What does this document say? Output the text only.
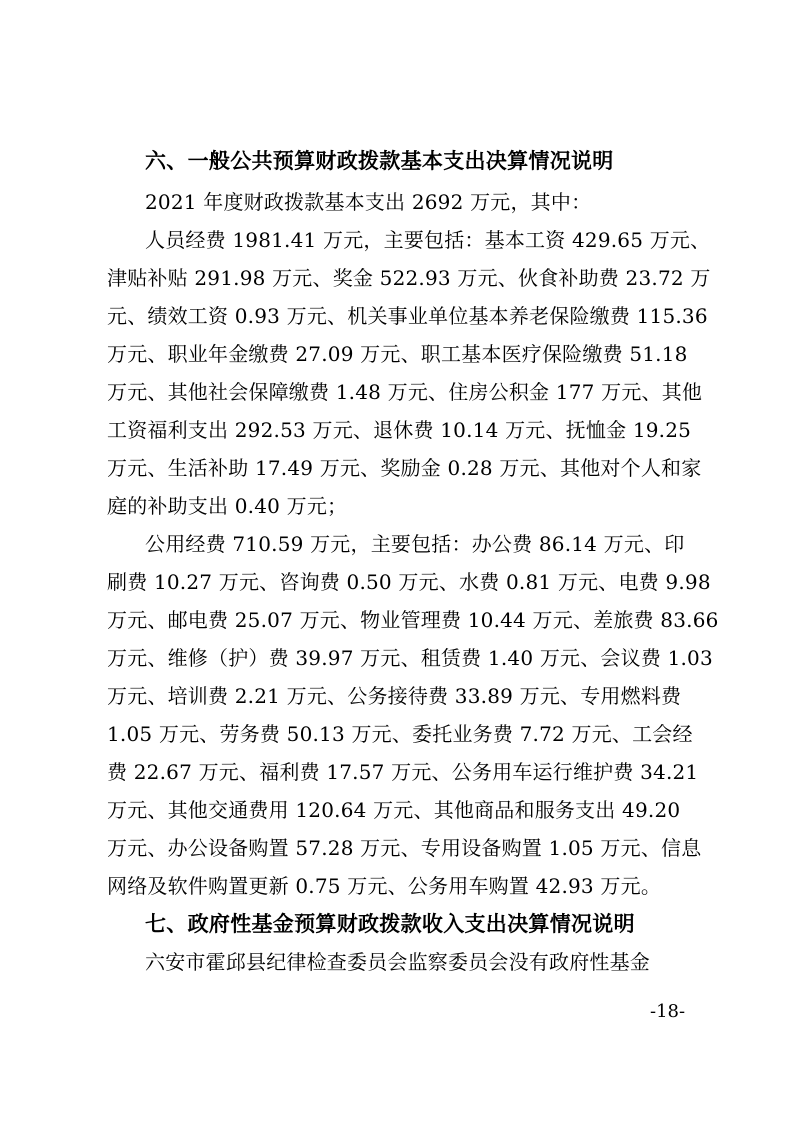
六、一般公共预算财政拨款基本支出决算情况说明
2021 年度财政拨款基本支出 2692 万元，其中：
人员经费 1981.41 万元，主要包括：基本工资 429.65 万元、
津贴补贴 291.98 万元、奖金 522.93 万元、伙食补助费 23.72 万
元、绩效工资 0.93 万元、机关事业单位基本养老保险缴费 115.36
万元、职业年金缴费 27.09 万元、职工基本医疗保险缴费 51.18
万元、其他社会保障缴费 1.48 万元、住房公积金 177 万元、其他
工资福利支出 292.53 万元、退休费 10.14 万元、抚恤金 19.25
万元、生活补助 17.49 万元、奖励金 0.28 万元、其他对个人和家
庭的补助支出 0.40 万元；
公用经费 710.59 万元，主要包括：办公费 86.14 万元、印
刷费 10.27 万元、咨询费 0.50 万元、水费 0.81 万元、电费 9.98
万元、邮电费 25.07 万元、物业管理费 10.44 万元、差旅费 83.66
万元、维修（护）费 39.97 万元、租赁费 1.40 万元、会议费 1.03
万元、培训费 2.21 万元、公务接待费 33.89 万元、专用燃料费
1.05 万元、劳务费 50.13 万元、委托业务费 7.72 万元、工会经
费 22.67 万元、福利费 17.57 万元、公务用车运行维护费 34.21
万元、其他交通费用 120.64 万元、其他商品和服务支出 49.20
万元、办公设备购置 57.28 万元、专用设备购置 1.05 万元、信息
网络及软件购置更新 0.75 万元、公务用车购置 42.93 万元。
七、政府性基金预算财政拨款收入支出决算情况说明
六安市霍邱县纪律检查委员会监察委员会没有政府性基金
-18-
